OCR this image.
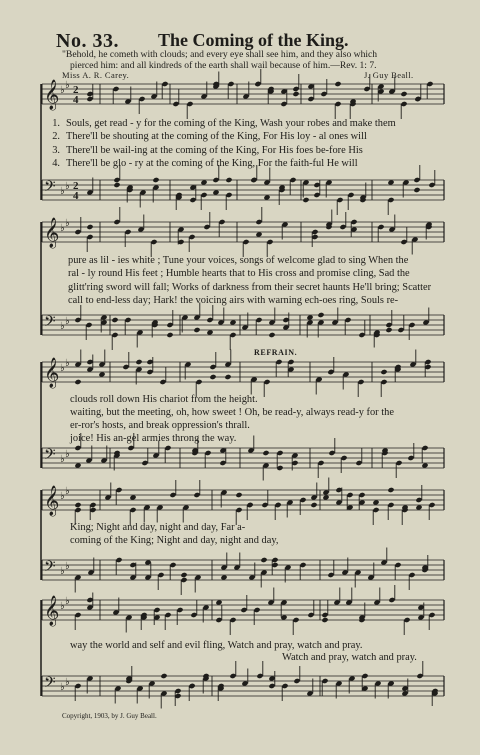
𝄞 ♭ ♭ 2
4
𝄢 ♭ ♭ 2
4
𝄞 ♭ ♭
𝄢 ♭ ♭
𝄞 ♭ ♭
𝄢 ♭ ♭
𝄞 ♭ ♭
𝄢 ♭ ♭
𝄞 ♭ ♭
𝄢 ♭ ♭
No. 33. The Coming of the King.
"Behold, he cometh with clouds; and every eye shall see him, and they also which
pierced him: and all kindreds of the earth shall wail because of him.—Rev. 1: 7.
Miss A. R. Carey.	J. Guy Beall.
1. Souls, get read - y for the coming of the King, Wash your robes and make them
2. There'll be shouting at the coming of the King, For His loy - al ones will
3. There'll be wail-ing at the coming of the King, For His foes be-fore His
4. There'll be glo - ry at the coming of the King, For the faith-ful He will
pure as lil - ies white ; Tune your voices, songs of welcome glad to sing When the
ral - ly round His feet ; Humble hearts that to His cross and promise cling, Sad the
glitt'ring sword will fall; Works of darkness from their secret haunts He'll bring; Scatter
call to end-less day; Hark! the voicing airs with warning ech-oes ring, Souls re-
REFRAIN.
clouds roll down His chariot from the height.
waiting, but the meeting, oh, how sweet ! Oh, be read-y, always read-y for the
er-ror's hosts, and break oppression's thrall.
joice! His an-gel armies throng the way.
King; Night and day, night and day, Far a-
coming of the King; Night and day, night and day,
way the world and self and evil fling, Watch and pray, watch and pray.
Watch and pray, watch and pray.
Copyright, 1903, by J. Guy Beall.
